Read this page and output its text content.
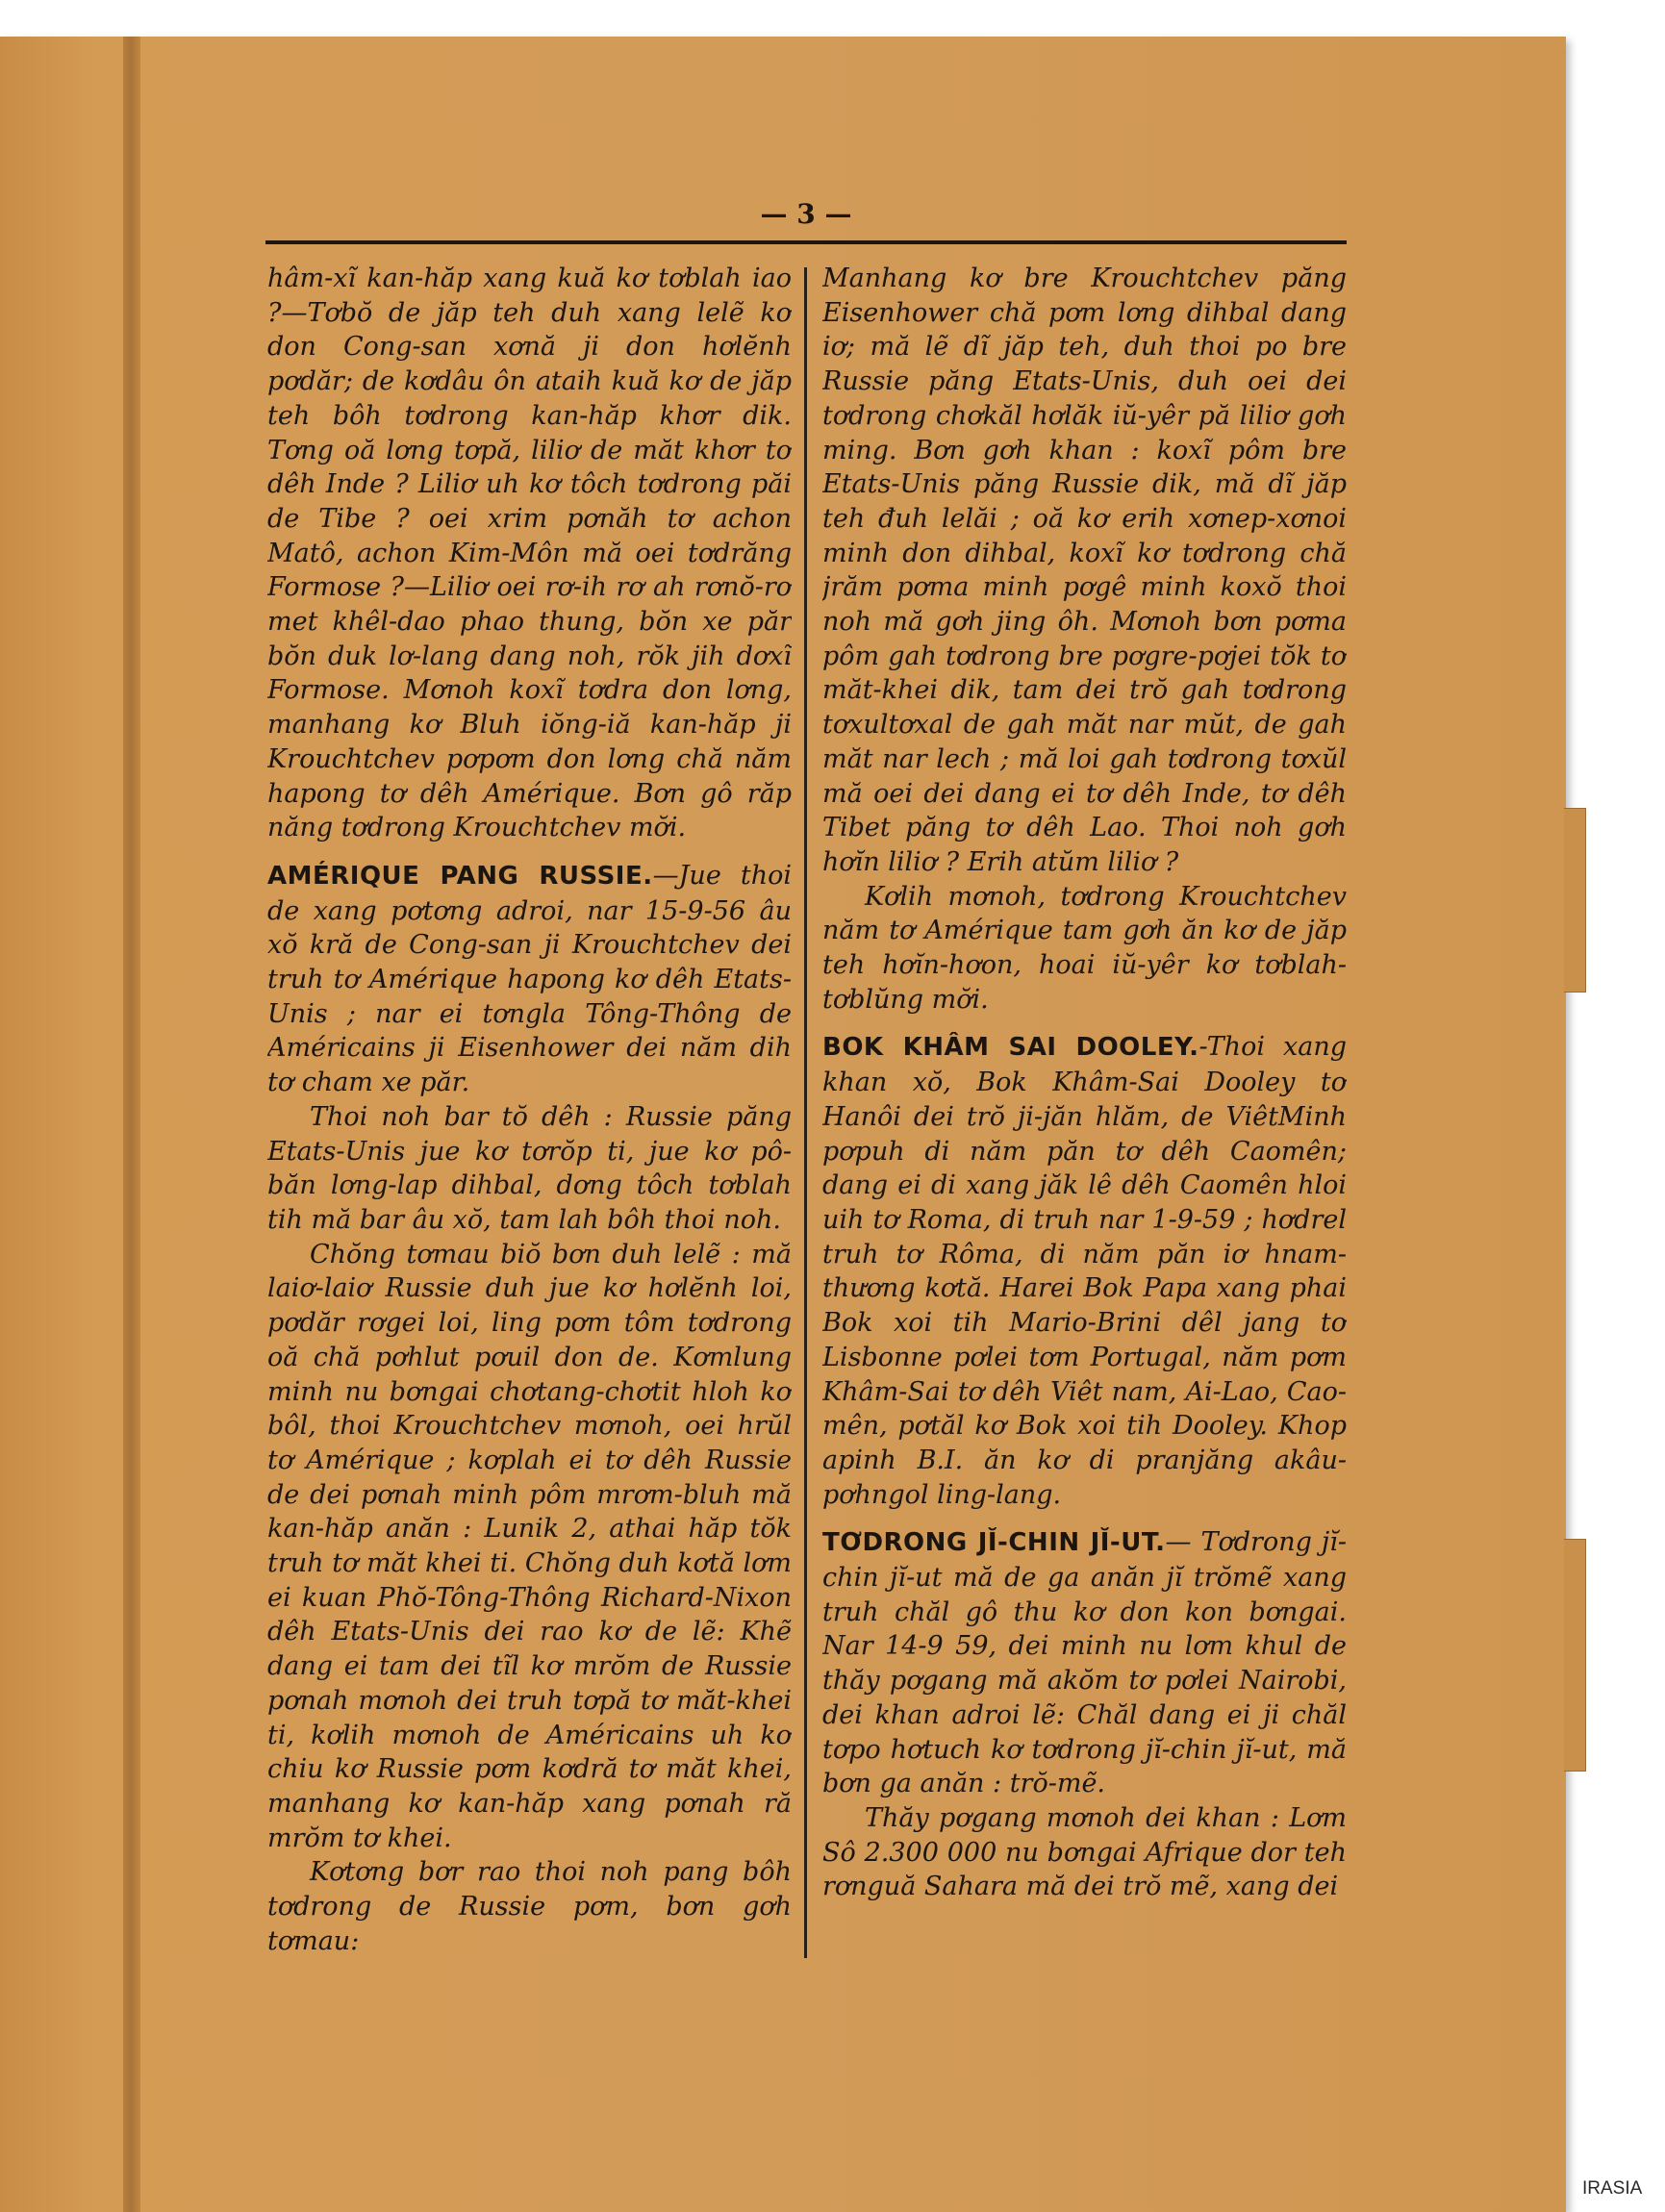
— 3 —

hâm-xĩ kan-hăp xang kuă kơ tơblah iao ?—Tơbŏ de jăp teh duh xang lelẽ kơ don Cong-san xơnă ji don hơlĕnh pơdăr; de kơdâu ôn ataih kuă kơ de jăp teh bôh tơdrong kan-hăp khơr dik. Tơng oă lơng tơpă, liliơ de măt khơr tơ dêh Inde ? Liliơ uh kơ tôch tơdrong păi de Tibe ? oei xrim pơnăh tơ achon Matô, achon Kim-Môn mă oei tơdrăng Formose ?—Liliơ oei rơ-ih rơ ah rơnŏ-rơ met khêl-dao phao thung, bŏn xe păr bŏn duk lơ-lang dang noh, rŏk jih dơxĩ Formose. Mơnoh koxĩ tơdra don lơng, manhang kơ Bluh iŏng-iă kan-hăp ji Krouchtchev pơpơm don lơng chă năm hapong tơ dêh Amérique. Bơn gô răp năng tơdrong Krouchtchev mơ̆i.

AMÉRIQUE PANG RUSSIE.—Jue thoi de xang pơtơng adroi, nar 15-9-56 âu xŏ kră de Cong-san ji Krouchtchev dei truh tơ Amérique hapong kơ dêh Etats-Unis ; nar ei tơngla Tông-Thông de Américains ji Eisenhower dei năm dih tơ cham xe păr.

Thoi noh bar tŏ dêh : Russie păng Etats-Unis jue kơ tơrŏp ti, jue kơ pô-băn lơng-lap dihbal, dơng tôch tơblah tih mă bar âu xŏ, tam lah bôh thoi noh.

Chŏng tơmau biŏ bơn duh lelẽ : mă laiơ-laiơ Russie duh jue kơ hơlĕnh loi, pơdăr rơgei loi, ling pơm tôm tơdrong oă chă pơhlut pơuil don de. Kơmlung minh nu bơngai chơtang-chơtit hloh kơ bôl, thoi Krouchtchev mơnoh, oei hrŭl tơ Amérique ; kơplah ei tơ dêh Russie de dei pơnah minh pôm mrơm-bluh mă kan-hăp anăn : Lunik 2, athai hăp tŏk truh tơ măt khei ti. Chŏng duh kơtă lơm ei kuan Phŏ-Tông-Thông Richard-Nixon dêh Etats-Unis dei rao kơ de lẽ: Khẽ dang ei tam dei tĩl kơ mrŏm de Russie pơnah mơnoh dei truh tơpă tơ măt-khei ti, kơlih mơnoh de Américains uh kơ chiu kơ Russie pơm kơdră tơ măt khei, manhang kơ kan-hăp xang pơnah ră mrŏm tơ khei.

Kơtơng bơr rao thoi noh pang bôh tơdrong de Russie pơm, bơn gơh tơmau:

Manhang kơ bre Krouchtchev păng Eisenhower chă pơm lơng dihbal dang iơ; mă lẽ dĩ jăp teh, duh thoi po bre Russie păng Etats-Unis, duh oei dei tơdrong chơkăl hơlăk iŭ-yêr pă liliơ gơh ming. Bơn gơh khan : koxĩ pôm bre Etats-Unis păng Russie dik, mă dĩ jăp teh đuh lelăi ; oă kơ erih xơnep-xơnoi minh don dihbal, koxĩ kơ tơdrong chă jrăm pơma minh pơgê minh koxŏ thoi noh mă gơh jing ôh. Mơnoh bơn pơma pôm gah tơdrong bre pơgre-pơjei tŏk tơ măt-khei dik, tam dei trŏ gah tơdrong tơxultơxal de gah măt nar mŭt, de gah măt nar lech ; mă loi gah tơdrong tơxŭl mă oei dei dang ei tơ dêh Inde, tơ dêh Tibet păng tơ dêh Lao. Thoi noh gơh hơĭn liliơ ? Erih atŭm liliơ ?

Kơlih mơnoh, tơdrong Krouchtchev năm tơ Amérique tam gơh ăn kơ de jăp teh hơĭn-hơon, hoai iŭ-yêr kơ tơblah-tơblŭng mơ̆i.

BOK KHÂM SAI DOOLEY.-Thoi xang khan xŏ, Bok Khâm-Sai Dooley tơ Hanôi dei trŏ ji-jăn hlăm, de ViêtMinh pơpuh di năm păn tơ dêh Caomên; dang ei di xang jăk lê dêh Caomên hloi uih tơ Roma, di truh nar 1-9-59 ; hơdrel truh tơ Rôma, di năm păn iơ hnam-thương kơtă. Harei Bok Papa xang phai Bok xoi tih Mario-Brini dêl jang tơ Lisbonne pơlei tơm Portugal, năm pơm Khâm-Sai tơ dêh Viêt nam, Ai-Lao, Cao-mên, pơtăl kơ Bok xoi tih Dooley. Khop apinh B.I. ăn kơ di pranjăng akâu-pơhngol ling-lang.

TƠDRONG JĬ-CHIN JĬ-UT.— Tơdrong jĭ-chin jĭ-ut mă de ga anăn jĭ trŏmẽ xang truh chăl gô thu kơ don kon bơngai. Nar 14-9 59, dei minh nu lơm khul de thăy pơgang mă akŏm tơ pơlei Nairobi, dei khan adroi lẽ: Chăl dang ei ji chăl tơpo hơtuch kơ tơdrong jĭ-chin jĭ-ut, mă bơn ga anăn : trŏ-mẽ.

Thăy pơgang mơnoh dei khan : Lơm Sô 2.300 000 nu bơngai Afrique dor teh rơnguă Sahara mă dei trŏ mẽ, xang dei

IRASIA
